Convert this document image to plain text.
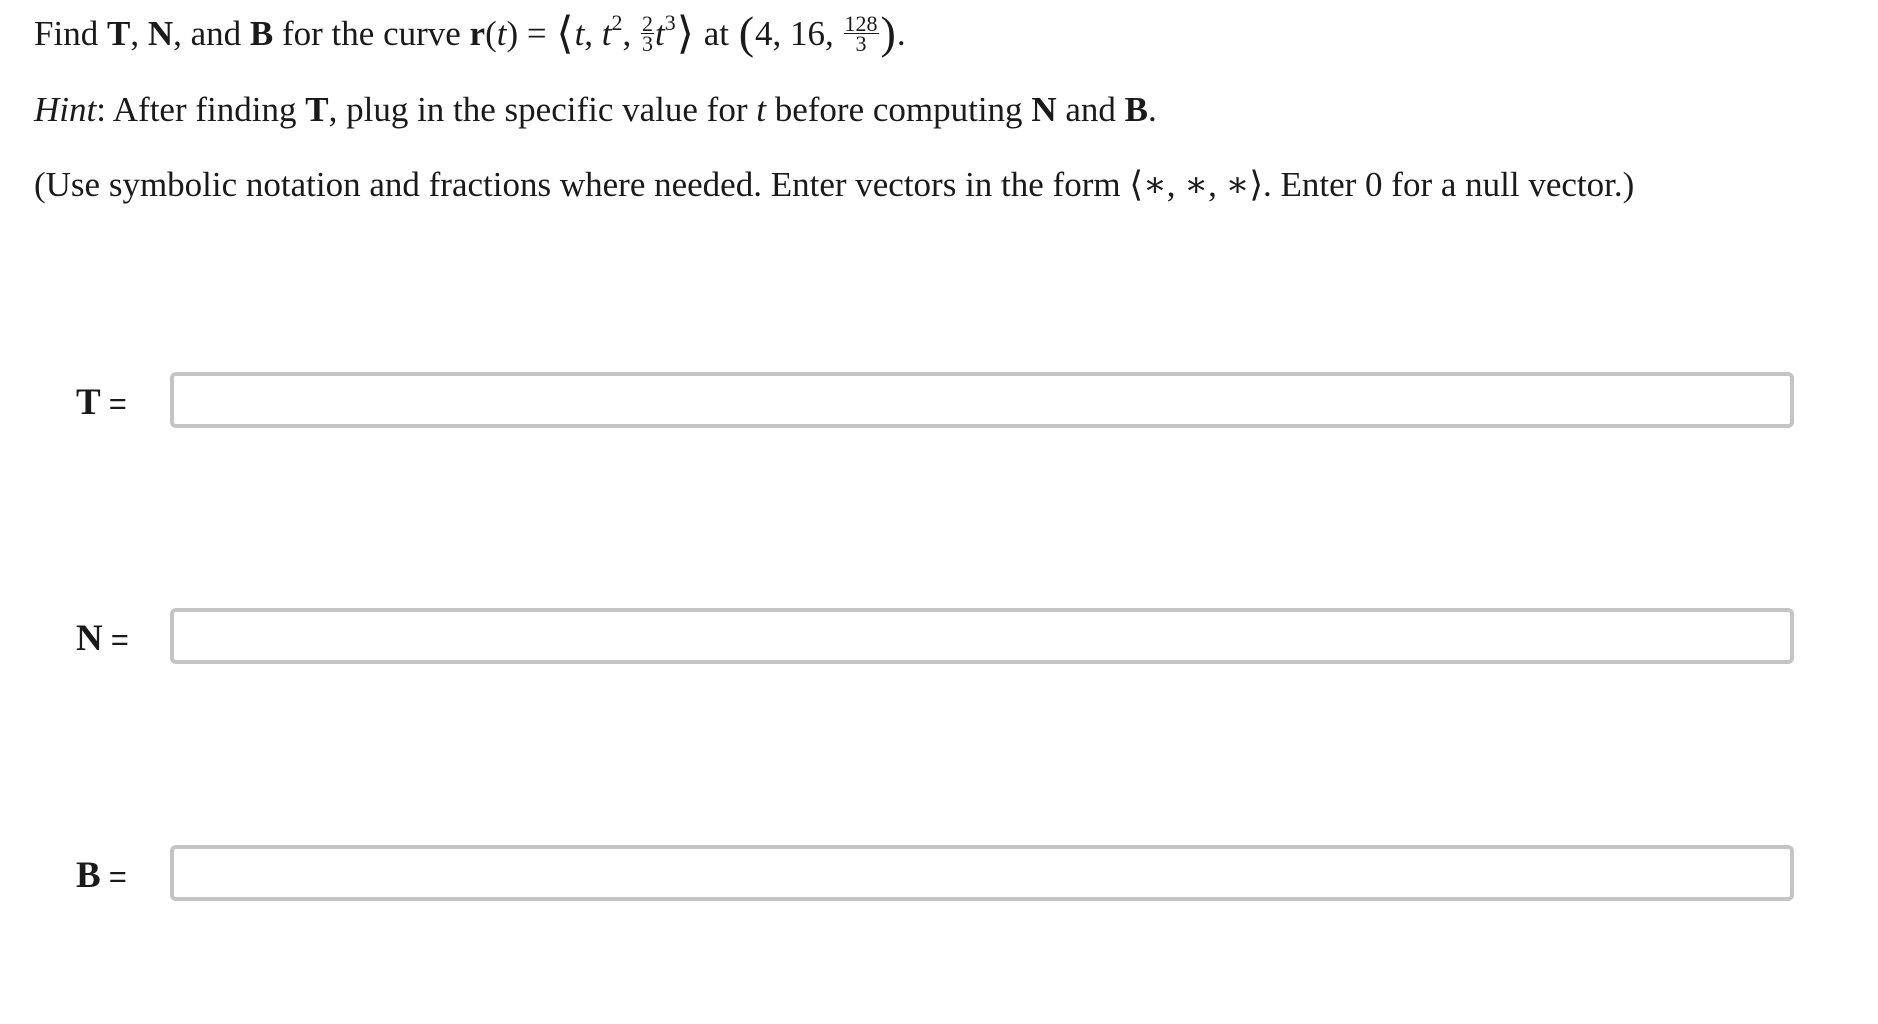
Find T, N, and B for the curve r(t) = ⟨t, $t^2$, $\frac{2}{3}$ $t^3⟩$ at (4, 16, $\frac{128}{3}$ ).
Hint: After finding T, plug in the specific value for t before computing N and B.
(Use symbolic notation and fractions where needed. Enter vectors in the form ⟨∗, ∗, ∗⟩. Enter 0 for a null vector.)
T =
N =
B =
